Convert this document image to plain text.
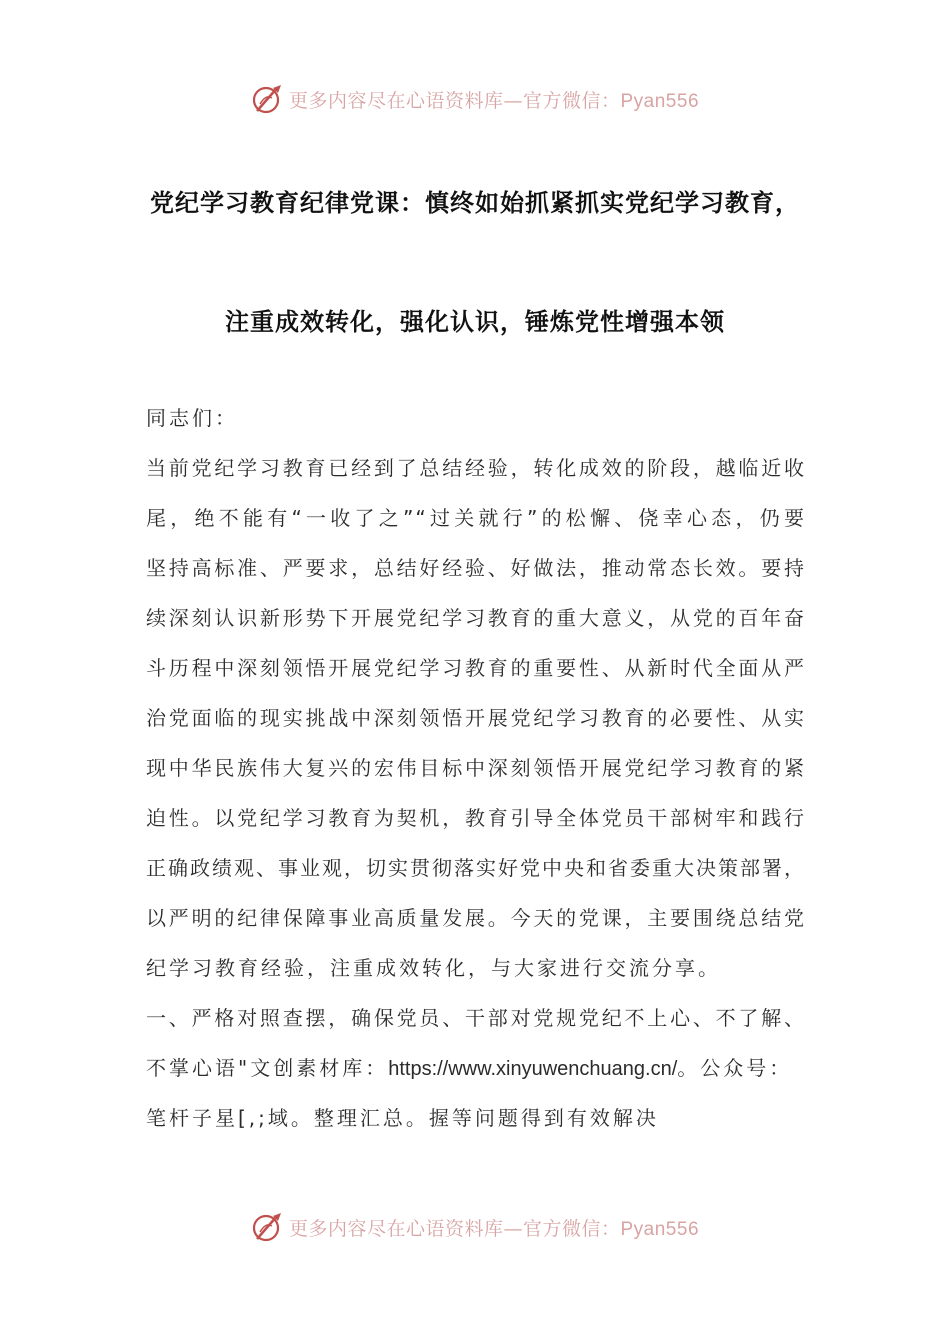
更多内容尽在心语资料库—官方微信：Pyan556
党纪学习教育纪律党课：慎终如始抓紧抓实党纪学习教育，
注重成效转化，强化认识，锤炼党性增强本领
同志们：
当前党纪学习教育已经到了总结经验，转化成效的阶段，越临近收
尾，绝不能有“一收了之”“过关就行”的松懈、侥幸心态，仍要
坚持高标准、严要求，总结好经验、好做法，推动常态长效。要持
续深刻认识新形势下开展党纪学习教育的重大意义，从党的百年奋
斗历程中深刻领悟开展党纪学习教育的重要性、从新时代全面从严
治党面临的现实挑战中深刻领悟开展党纪学习教育的必要性、从实
现中华民族伟大复兴的宏伟目标中深刻领悟开展党纪学习教育的紧
迫性。以党纪学习教育为契机，教育引导全体党员干部树牢和践行
正确政绩观、事业观，切实贯彻落实好党中央和省委重大决策部署，
以严明的纪律保障事业高质量发展。今天的党课，主要围绕总结党
纪学习教育经验，注重成效转化，与大家进行交流分享。
一、严格对照查摆，确保党员、干部对党规党纪不上心、不了解、
不掌心语"文创素材库：https://www.xinyuwenchuang.cn/。公众号：
笔杆子星[,;域。整理汇总。握等问题得到有效解决
更多内容尽在心语资料库—官方微信：Pyan556
